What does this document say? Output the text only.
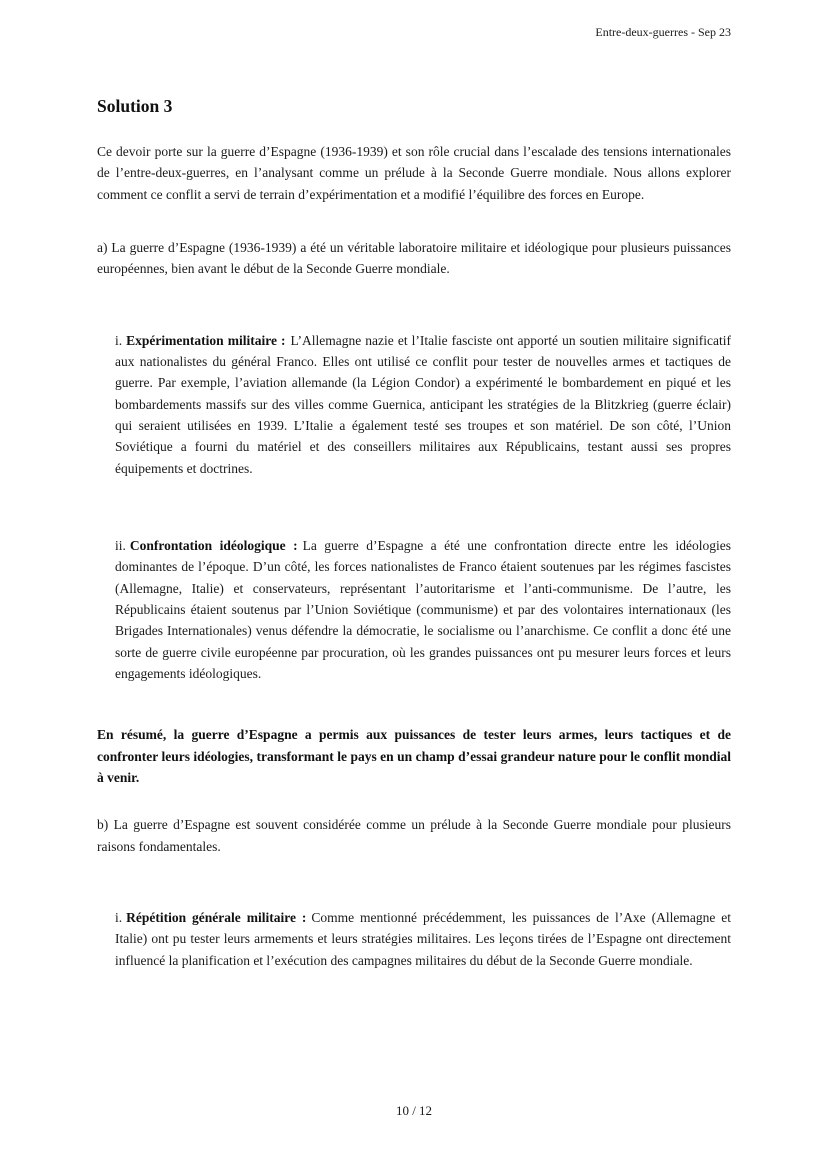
Entre-deux-guerres - Sep 23
Solution 3

Ce devoir porte sur la guerre d’Espagne (1936-1939) et son rôle crucial dans l’escalade des tensions internationales de l’entre-deux-guerres, en l’analysant comme un prélude à la Seconde Guerre mondiale. Nous allons explorer comment ce conflit a servi de terrain d’expérimentation et a modifié l’équilibre des forces en Europe.

a) La guerre d’Espagne (1936-1939) a été un véritable laboratoire militaire et idéologique pour plusieurs puissances européennes, bien avant le début de la Seconde Guerre mondiale.

i. Expérimentation militaire : L’Allemagne nazie et l’Italie fasciste ont apporté un soutien militaire significatif aux nationalistes du général Franco. Elles ont utilisé ce conflit pour tester de nouvelles armes et tactiques de guerre. Par exemple, l’aviation allemande (la Légion Condor) a expérimenté le bombardement en piqué et les bombardements massifs sur des villes comme Guernica, anticipant les stratégies de la Blitzkrieg (guerre éclair) qui seraient utilisées en 1939. L’Italie a également testé ses troupes et son matériel. De son côté, l’Union Soviétique a fourni du matériel et des conseillers militaires aux Républicains, testant aussi ses propres équipements et doctrines.
ii. Confrontation idéologique : La guerre d’Espagne a été une confrontation directe entre les idéologies dominantes de l’époque. D’un côté, les forces nationalistes de Franco étaient soutenues par les régimes fascistes (Allemagne, Italie) et conservateurs, représentant l’autoritarisme et l’anti-communisme. De l’autre, les Républicains étaient soutenus par l’Union Soviétique (communisme) et par des volontaires internationaux (les Brigades Internationales) venus défendre la démocratie, le socialisme ou l’anarchisme. Ce conflit a donc été une sorte de guerre civile européenne par procuration, où les grandes puissances ont pu mesurer leurs forces et leurs engagements idéologiques.

En résumé, la guerre d’Espagne a permis aux puissances de tester leurs armes, leurs tactiques et de confronter leurs idéologies, transformant le pays en un champ d’essai grandeur nature pour le conflit mondial à venir.

b) La guerre d’Espagne est souvent considérée comme un prélude à la Seconde Guerre mondiale pour plusieurs raisons fondamentales.

i. Répétition générale militaire : Comme mentionné précédemment, les puissances de l’Axe (Allemagne et Italie) ont pu tester leurs armements et leurs stratégies militaires. Les leçons tirées de l’Espagne ont directement influencé la planification et l’exécution des campagnes militaires du début de la Seconde Guerre mondiale.
10 / 12
